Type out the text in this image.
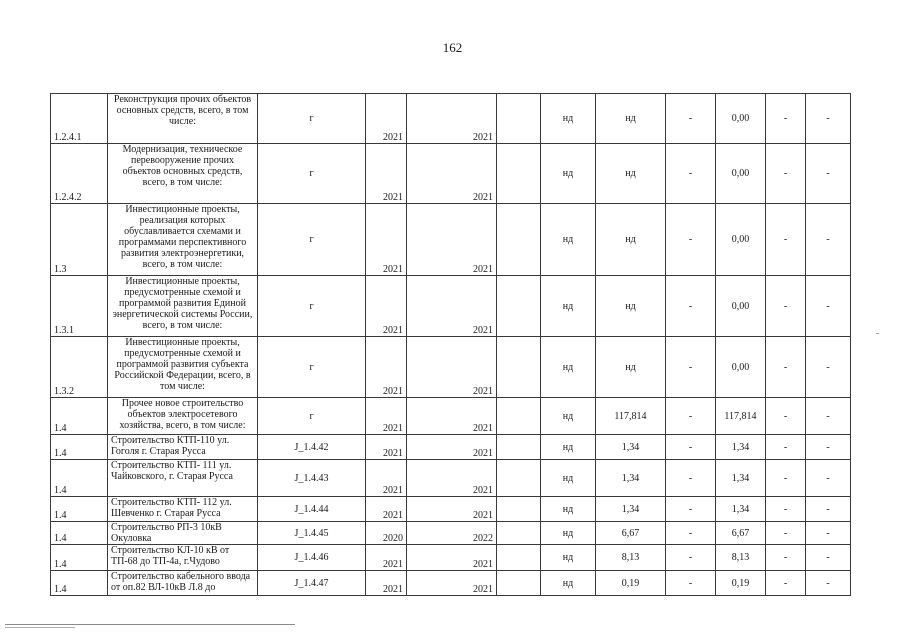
162
1.2.4.1	Реконструкция прочих объектов основных средств, всего, в том числе:	г	2021	2021		нд	нд	-	0,00	-	-
1.2.4.2	Модернизация, техническое перевооружение прочих объектов основных средств, всего, в том числе:	г	2021	2021		нд	нд	-	0,00	-	-
1.3	Инвестиционные проекты, реализация которых обуславливается схемами и программами перспективного развития электроэнергетики, всего, в том числе:	г	2021	2021		нд	нд	-	0,00	-	-
1.3.1	Инвестиционные проекты, предусмотренные схемой и программой развития Единой энергетической системы России, всего, в том числе:	г	2021	2021		нд	нд	-	0,00	-	-
1.3.2	Инвестиционные проекты, предусмотренные схемой и программой развития субъекта Российской Федерации, всего, в том числе:	г	2021	2021		нд	нд	-	0,00	-	-
1.4	Прочее новое строительство объектов электросетевого хозяйства, всего, в том числе:	г	2021	2021		нд	117,814	-	117,814	-	-
1.4	Строительство КТП-110 ул. Гоголя г. Старая Русса	J_1.4.42	2021	2021		нд	1,34	-	1,34	-	-
1.4	Строительство КТП- 111 ул. Чайковского, г. Старая Русса	J_1.4.43	2021	2021		нд	1,34	-	1,34	-	-
1.4	Строительство КТП- 112 ул. Шевченко г. Старая Русса	J_1.4.44	2021	2021		нд	1,34	-	1,34	-	-
1.4	Строительство РП-3 10кВ Окуловка	J_1.4.45	2020	2022		нд	6,67	-	6,67	-	-
1.4	Строительство КЛ-10 кВ от ТП-68 до ТП-4а, г.Чудово	J_1.4.46	2021	2021		нд	8,13	-	8,13	-	-
1.4	Строительство кабельного ввода от оп.82 ВЛ-10кВ Л.8 до	J_1.4.47	2021	2021		нд	0,19	-	0,19	-	-
